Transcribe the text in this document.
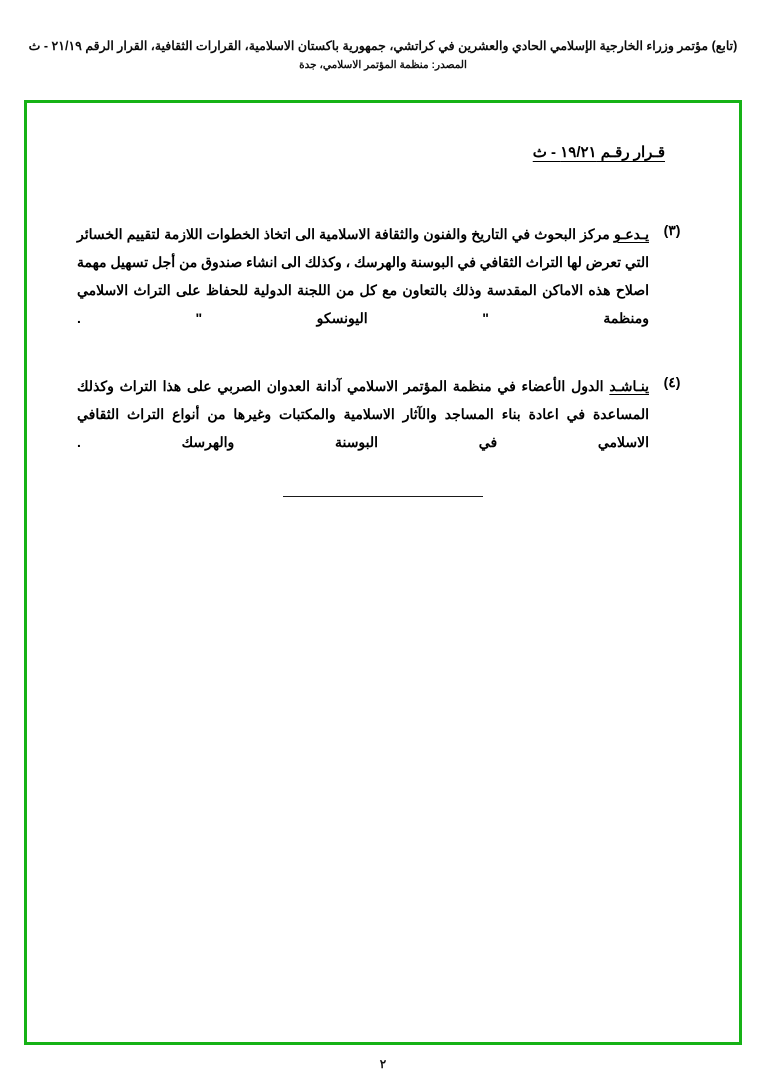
(تابع) مؤتمر وزراء الخارجية الإسلامي الحادي والعشرين في كراتشي، جمهورية باكستان الاسلامية، القرارات الثقافية، القرار الرقم ٢١/١٩ - ث
المصدر: منظمة المؤتمر الاسلامي، جدة
قـرار رقـم ١٩/٢١ - ث
(٣)
يـدعـو مركز البحوث في التاريخ والفنون والثقافة الاسلامية الى اتخاذ الخطوات اللازمة لتقييم الخسائر التي تعرض لها التراث الثقافي في البوسنة والهرسك ، وكذلك الى انشاء صندوق من أجل تسهيل مهمة اصلاح هذه الاماكن المقدسة وذلك بالتعاون مع كل من اللجنة الدولية للحفاظ على التراث الاسلامي ومنظمة " اليونسكو " .
(٤)
ينـاشـد الدول الأعضاء في منظمة المؤتمر الاسلامي آدانة العدوان الصربي على هذا التراث وكذلك المساعدة في اعادة بناء المساجد والآثار الاسلامية والمكتبات وغيرها من أنواع التراث الثقافي الاسلامي في البوسنة والهرسك .
٢
